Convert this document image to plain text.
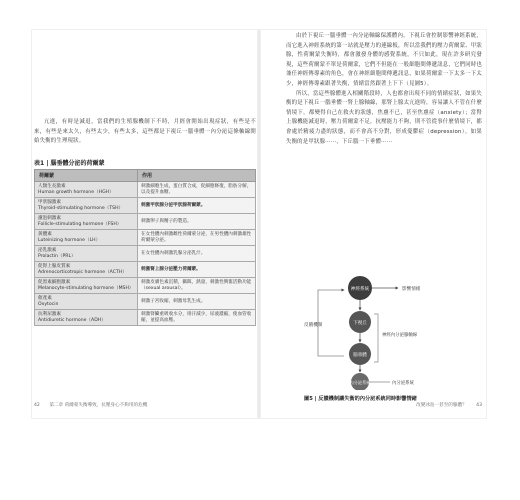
亢進，有時是減退，當我們的生殖腺機制下不時，月經會開始出現症狀，有些是不來，有些是來太久，有些太少，有些太多，這些都是下視丘一腦垂體一內分泌這條軸線開始失衡的生理現狀。

表1 | 腦垂體分泌的荷爾蒙
荷爾蒙	作用

人類生長激素
Human growth hormone（HGH）	刺激細胞生成，蛋白質合成，促細胞修復，脂肪分解，以及提升血糖。

甲狀腺激素
Thyroid-stimulating hormone（TSH）	刺激甲狀腺分泌甲狀腺荷爾蒙。

濾泡刺激素
Follicle-stimulating hormone（FSH）	刺激卵子與精子的製造。

黃體素
Luteinizing hormone（LH）	在女性體內刺激雌性荷爾蒙分泌，在男性體內刺激雄性荷爾蒙分泌。

泌乳激素
Prolactin（PRL）	在女性體內刺激乳腺分泌乳汁。

促腎上腺皮質素
Adrenocorticotropic hormone（ACTH）	刺激腎上腺分泌壓力荷爾蒙。

促黑素細胞激素
Melanocyte-stimulating hormone（MSH）	刺激皮膚色素沉積，攝餌，熱量，刺激性興奮活動功能（sexual arousal）。

催產素
Oxytocin	刺激子宮收縮，刺激母乳生成。

抗利尿激素
Antidiuretic hormone（ADH）	刺激腎臟重吸收水分，排汗減少，尿液濃縮，使血管收縮，並提高血壓。
42 第二章 荷爾蒙失衡導致，抗壓身心不夠用的危機

由於下視丘一腦垂體一內分泌軸線保護體內，下視丘會控制影響神經系統，而它進入神經系統的第一站就是壓力的連線板，所以當我們的壓力荷爾蒙、甲狀腺，性荷爾蒙失衡時，都會激發身體的感覺系統，不只如此，現在許多研究發現，這些荷爾蒙不單是荷爾蒙，它們不但能在一般細胞間傳遞訊息，它們同時也兼任神經傳導素的角色，會在神經細胞間傳遞訊息，如果荷爾蒙一下太多一下太少，神經傳導素跟著失衡，情緒當然跟著上下下（見圖5）。

所以，當這些腺體進入相關階段時，人也都會出現不同的情緒症狀，如果失衡的是下視丘一腦垂體一腎上腺軸線，那腎上腺太亢進時，容易讓人不管在什麼情境下，都變得自己在救火的狀態，焦慮不已，甚至焦慮症（anxiety）；當腎上腺機能減退時，壓力荷爾蒙不足，抗壓能力不夠，則不管從事什麼情境下，都會處於精疲力盡的狀態，而不會高不分對，形成憂鬱症（depression）。如果失衡的是甲狀腺⋯⋯，下丘腦一下垂體⋯⋯

反饋機制
神經系統	影響情緒
下視丘
神經內分泌腺軸線
腦垂體
內分泌系統	內分泌系統
圖5 | 反饋機制讓失衡的內分泌系統同時影響情緒
改變冰島一甚至的腺體？ 43
